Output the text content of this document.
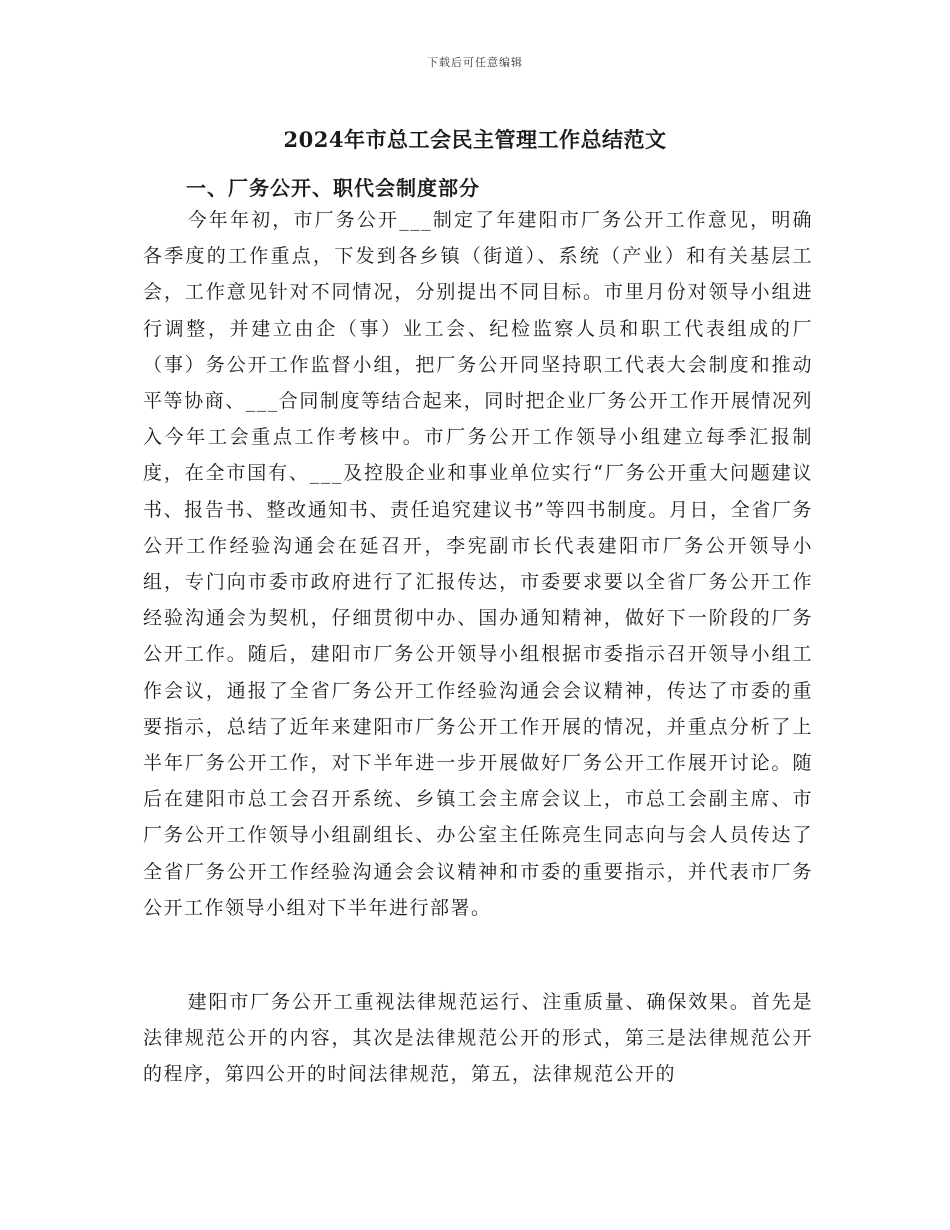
下载后可任意编辑
2024年市总工会民主管理工作总结范文
一、厂务公开、职代会制度部分

今年年初，市厂务公开___制定了年建阳市厂务公开工作意见，明确各季度的工作重点，下发到各乡镇（街道）、系统（产业）和有关基层工会，工作意见针对不同情况，分别提出不同目标。市里月份对领导小组进行调整，并建立由企（事）业工会、纪检监察人员和职工代表组成的厂（事）务公开工作监督小组，把厂务公开同坚持职工代表大会制度和推动平等协商、___合同制度等结合起来，同时把企业厂务公开工作开展情况列入今年工会重点工作考核中。市厂务公开工作领导小组建立每季汇报制度，在全市国有、___及控股企业和事业单位实行“厂务公开重大问题建议书、报告书、整改通知书、责任追究建议书”等四书制度。月日，全省厂务公开工作经验沟通会在延召开，李宪副市长代表建阳市厂务公开领导小组，专门向市委市政府进行了汇报传达，市委要求要以全省厂务公开工作经验沟通会为契机，仔细贯彻中办、国办通知精神，做好下一阶段的厂务公开工作。随后，建阳市厂务公开领导小组根据市委指示召开领导小组工作会议，通报了全省厂务公开工作经验沟通会会议精神，传达了市委的重要指示，总结了近年来建阳市厂务公开工作开展的情况，并重点分析了上半年厂务公开工作，对下半年进一步开展做好厂务公开工作展开讨论。随后在建阳市总工会召开系统、乡镇工会主席会议上，市总工会副主席、市厂务公开工作领导小组副组长、办公室主任陈亮生同志向与会人员传达了全省厂务公开工作经验沟通会会议精神和市委的重要指示，并代表市厂务公开工作领导小组对下半年进行部署。

建阳市厂务公开工重视法律规范运行、注重质量、确保效果。首先是法律规范公开的内容，其次是法律规范公开的形式，第三是法律规范公开的程序，第四公开的时间法律规范，第五，法律规范公开的
